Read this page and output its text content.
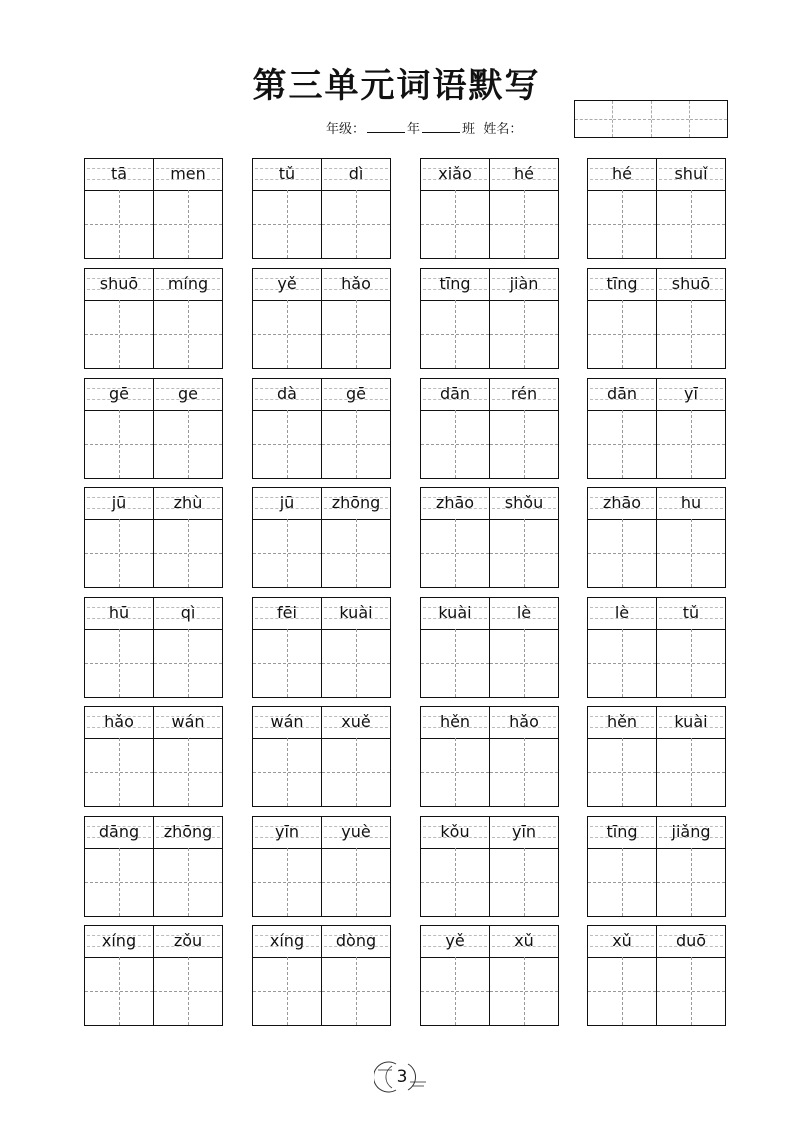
第三单元词语默写
年级：	年	班 姓名：
tā	men	tǔ	dì	xiǎo	hé	hé	shuǐ
shuō	míng	yě	hǎo	tīng	jiàn	tīng	shuō
gē	ge	dà	gē	dān	rén	dān	yī
jū	zhù	jū	zhōng	zhāo	shǒu	zhāo	hu
hū	qì	fēi	kuài	kuài	lè	lè	tǔ
hǎo	wán	wán	xuě	hěn	hǎo	hěn	kuài
dāng	zhōng	yīn	yuè	kǒu	yīn	tīng	jiǎng
xíng	zǒu	xíng	dòng	yě	xǔ	xǔ	duō
3
